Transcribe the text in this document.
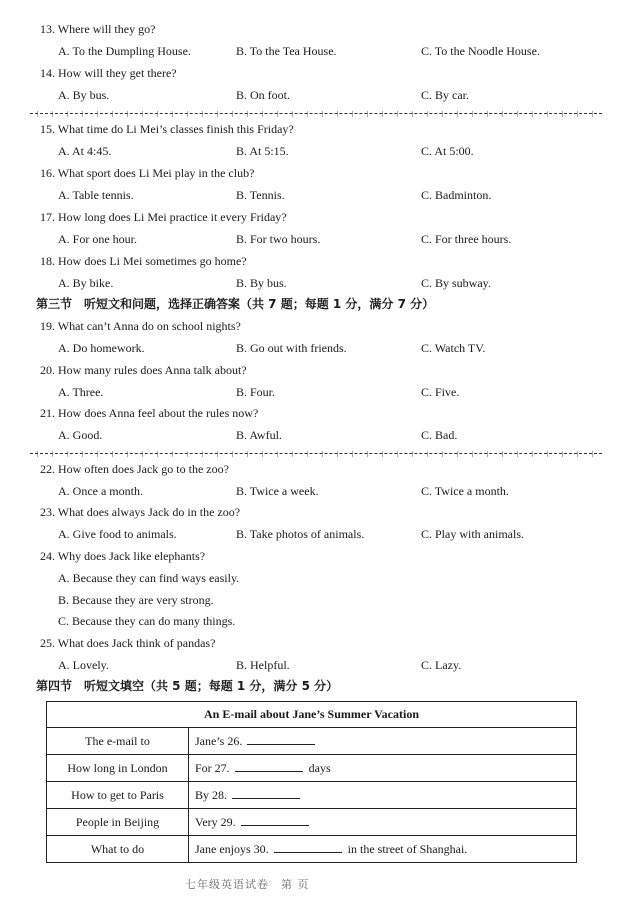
13. Where will they go?
A. To the Dumpling House.	B. To the Tea House.	C. To the Noodle House.
14. How will they get there?
A. By bus.	B. On foot.	C. By car.
15. What time do Li Mei’s classes finish this Friday?
A. At 4:45.	B. At 5:15.	C. At 5:00.
16. What sport does Li Mei play in the club?
A. Table tennis.	B. Tennis.	C. Badminton.
17. How long does Li Mei practice it every Friday?
A. For one hour.	B. For two hours.	C. For three hours.
18. How does Li Mei sometimes go home?
A. By bike.	B. By bus.	C. By subway.
第三节　听短文和问题，选择正确答案（共 7 题；每题 1 分，满分 7 分）
19. What can’t Anna do on school nights?
A. Do homework.	B. Go out with friends.	C. Watch TV.
20. How many rules does Anna talk about?
A. Three.	B. Four.	C. Five.
21. How does Anna feel about the rules now?
A. Good.	B. Awful.	C. Bad.
22. How often does Jack go to the zoo?
A. Once a month.	B. Twice a week.	C. Twice a month.
23. What does always Jack do in the zoo?
A. Give food to animals.	B. Take photos of animals.	C. Play with animals.
24. Why does Jack like elephants?
A. Because they can find ways easily.
B. Because they are very strong.
C. Because they can do many things.
25. What does Jack think of pandas?
A. Lovely.	B. Helpful.	C. Lazy.
第四节　听短文填空（共 5 题；每题 1 分，满分 5 分）
An E-mail about Jane’s Summer Vacation	
The e-mail to	Jane’s 26.
How long in London	For 27. days
How to get to Paris	By 28.
People in Beijing	Very 29.
What to do	Jane enjoys 30. in the street of Shanghai.
七年级英语试卷　第 页
